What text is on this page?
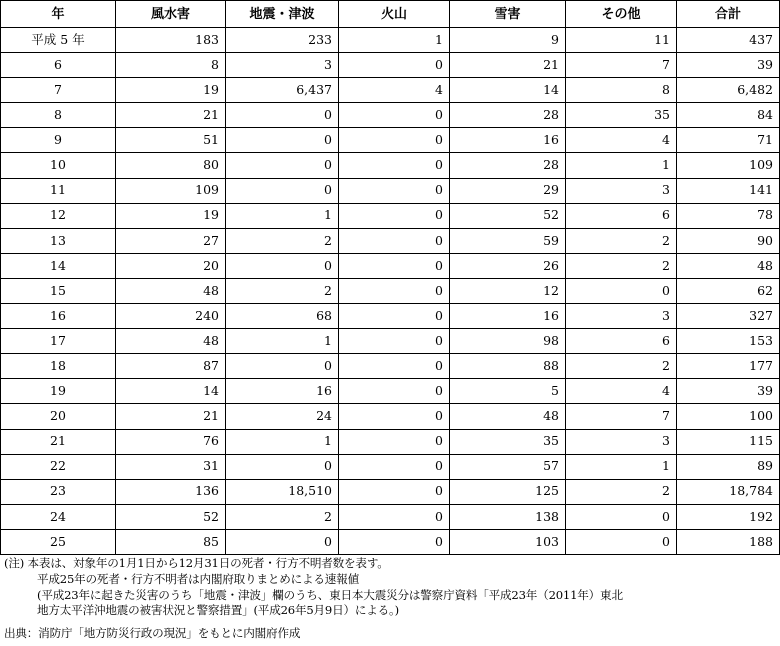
年	風水害	地震・津波	火山	雪害	その他	合計
平成 5 年	183	233	1	9	11	437
6	8	3	0	21	7	39
7	19	6,437	4	14	8	6,482
8	21	0	0	28	35	84
9	51	0	0	16	4	71
10	80	0	0	28	1	109
11	109	0	0	29	3	141
12	19	1	0	52	6	78
13	27	2	0	59	2	90
14	20	0	0	26	2	48
15	48	2	0	12	0	62
16	240	68	0	16	3	327
17	48	1	0	98	6	153
18	87	0	0	88	2	177
19	14	16	0	5	4	39
20	21	24	0	48	7	100
21	76	1	0	35	3	115
22	31	0	0	57	1	89
23	136	18,510	0	125	2	18,784
24	52	2	0	138	0	192
25	85	0	0	103	0	188
(注) 本表は、対象年の1月1日から12月31日の死者・行方不明者数を表す。
平成25年の死者・行方不明者は内閣府取りまとめによる速報値
(平成23年に起きた災害のうち「地震・津波」欄のうち、東日本大震災分は警察庁資料「平成23年（2011年）東北
地方太平洋沖地震の被害状況と警察措置」(平成26年5月9日）による。)
出典：消防庁「地方防災行政の現況」をもとに内閣府作成
